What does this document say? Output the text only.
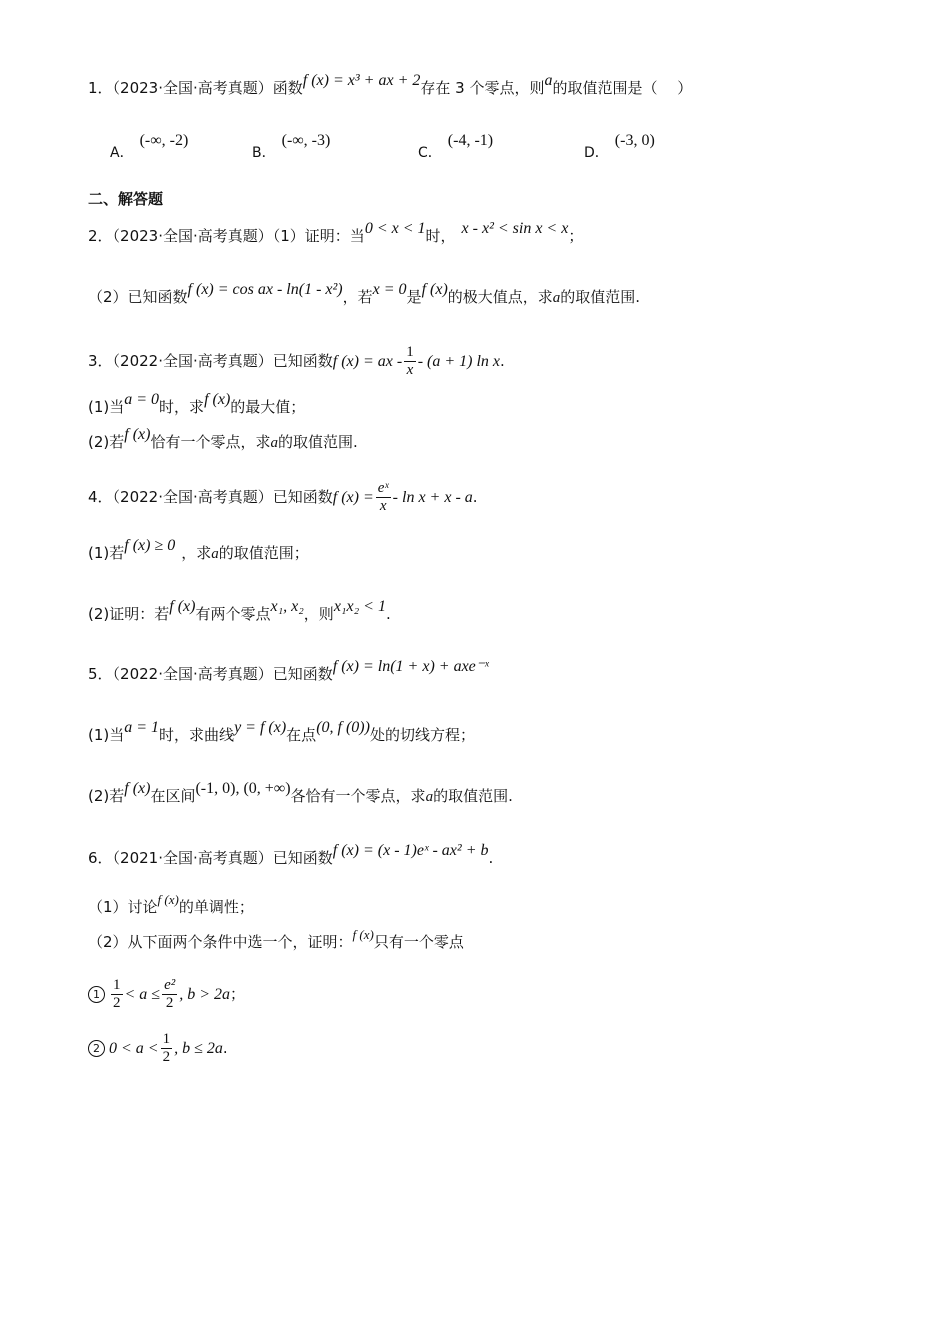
1．（2023·全国·高考真题）函数f (x) = x³ + ax + 2存在 3 个零点，则a的取值范围是（　 ）
A．(-∞, -2)
B．(-∞, -3)
C．(-4, -1)
D．(-3, 0)
二、解答题
2．（2023·全国·高考真题）（1）证明：当0 < x < 1时， x - x² < sin x < x；
（2）已知函数f (x) = cos ax - ln(1 - x²)，若x = 0是f (x)的极大值点，求a的取值范围.
3．（2022·全国·高考真题）已知函数f (x) = ax - $\frac{1}{x} - (a + 1)$ ln x.
(1)当a = 0时，求f (x)的最大值；
(2)若f (x)恰有一个零点，求a的取值范围.
4．（2022·全国·高考真题）已知函数f $(x) = \frac{\text{eˣ}}{x} - \ln x + x - a$.
(1)若f (x) ≥ 0 ，求a的取值范围；
(2)证明：若f (x)有两个零点x₁, x₂，则x₁x₂ < 1.
5．（2022·全国·高考真题）已知函数f (x) = ln(1 + x) + axe⁻ˣ
(1)当a = 1时，求曲线y = f (x)在点(0, f (0))处的切线方程；
(2)若f (x)在区间(-1, 0), (0, +∞)各恰有一个零点，求a的取值范围.
6．（2021·全国·高考真题）已知函数f (x) = (x - 1)eˣ - ax² + b.
（1）讨论f (x)的单调性；
（2）从下面两个条件中选一个，证明：f (x)只有一个零点
$1 \frac{1}{2} < a \le \frac{\text{e²}}{2}$ , b > 2a；
2 $0 < a < \frac{1}{2}$ , b ≤ 2a.
